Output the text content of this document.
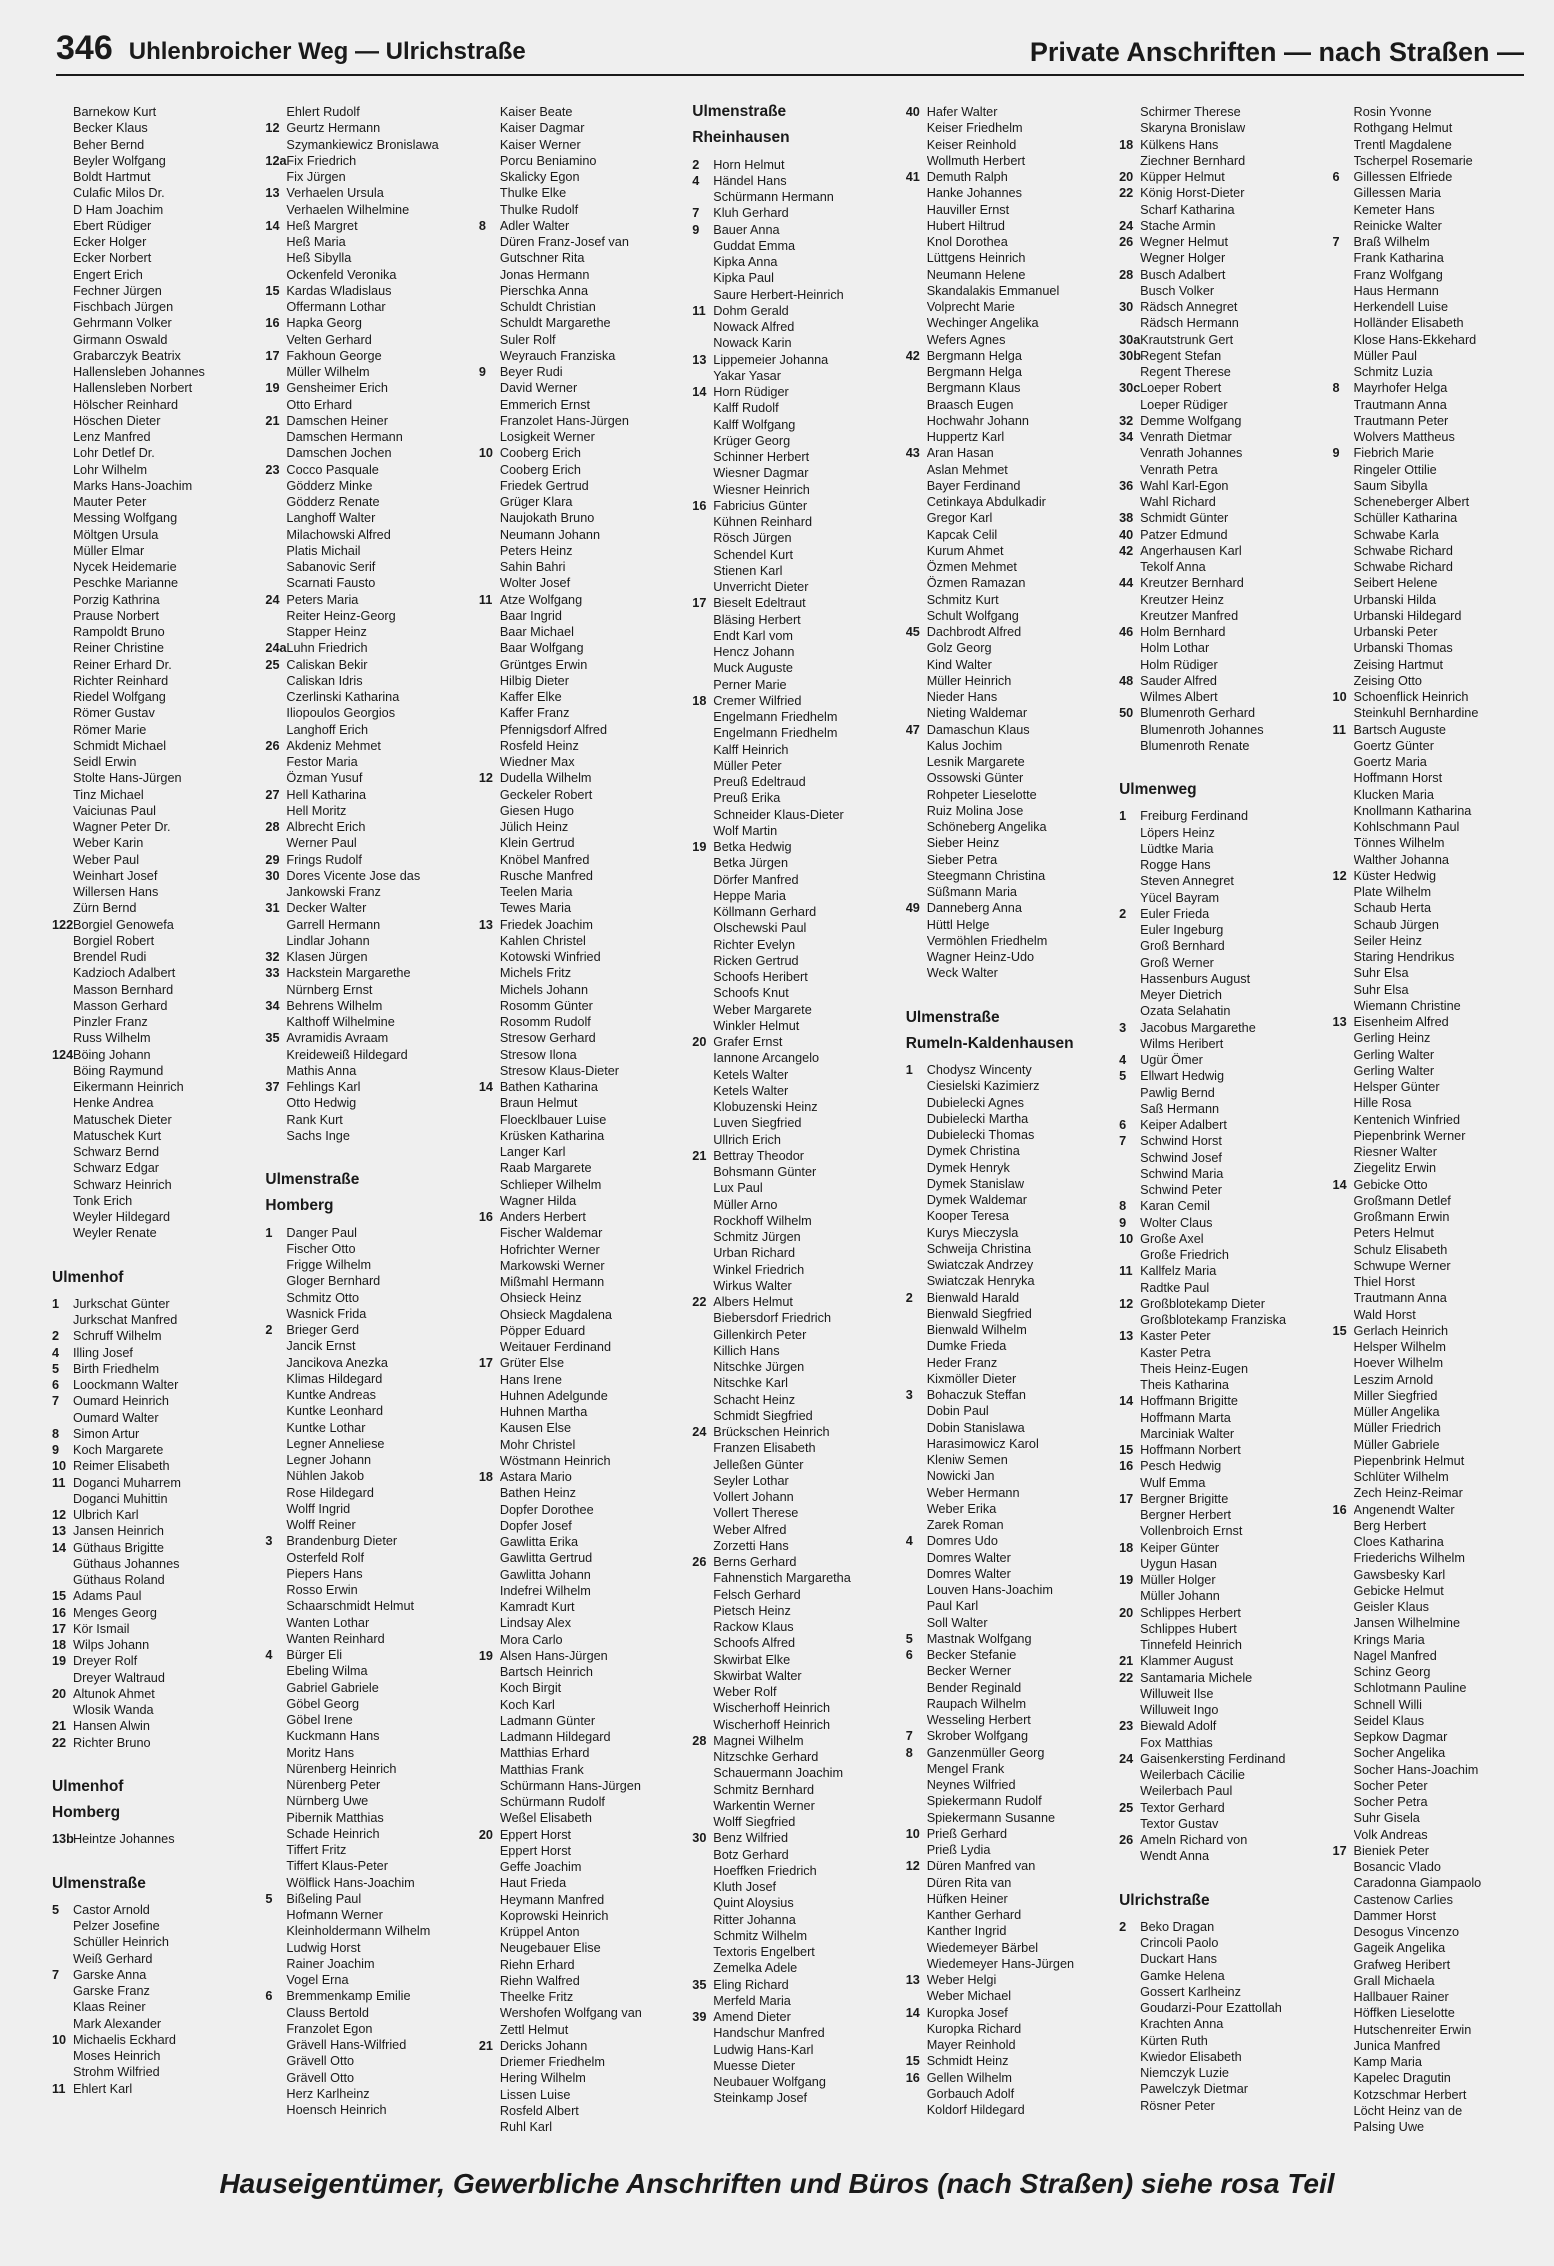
346 Uhlenbroicher Weg — Ulrichstraße	Private Anschriften — nach Straßen —
Barnekow Kurt
Becker Klaus
Beher Bernd
Beyler Wolfgang
Boldt Hartmut
Culafic Milos Dr.
D Ham Joachim
Ebert Rüdiger
Ecker Holger
Ecker Norbert
Engert Erich
Fechner Jürgen
Fischbach Jürgen
Gehrmann Volker
Girmann Oswald
Grabarczyk Beatrix
Hallensleben Johannes
Hallensleben Norbert
Hölscher Reinhard
Höschen Dieter
Lenz Manfred
Lohr Detlef Dr.
Lohr Wilhelm
Marks Hans-Joachim
Mauter Peter
Messing Wolfgang
Möltgen Ursula
Müller Elmar
Nycek Heidemarie
Peschke Marianne
Porzig Kathrina
Prause Norbert
Rampoldt Bruno
Reiner Christine
Reiner Erhard Dr.
Richter Reinhard
Riedel Wolfgang
Römer Gustav
Römer Marie
Schmidt Michael
Seidl Erwin
Stolte Hans-Jürgen
Tinz Michael
Vaiciunas Paul
Wagner Peter Dr.
Weber Karin
Weber Paul
Weinhart Josef
Willersen Hans
Zürn Bernd
122 Borgiel Genowefa
Borgiel Robert
Brendel Rudi
Kadzioch Adalbert
Masson Bernhard
Masson Gerhard
Pinzler Franz
Russ Wilhelm
124 Böing Johann
Böing Raymund
Eikermann Heinrich
Henke Andrea
Matuschek Dieter
Matuschek Kurt
Schwarz Bernd
Schwarz Edgar
Schwarz Heinrich
Tonk Erich
Weyler Hildegard
Weyler Renate
Ulmenhof
1	Jurkschat Günter
Jurkschat Manfred
2	Schruff Wilhelm
4	Illing Josef
5	Birth Friedhelm
6	Loockmann Walter
7	Oumard Heinrich
Oumard Walter
8	Simon Artur
9	Koch Margarete
10 Reimer Elisabeth
11 Doganci Muharrem
Doganci Muhittin
12 Ulbrich Karl
13 Jansen Heinrich
14 Güthaus Brigitte
Güthaus Johannes
Güthaus Roland
15 Adams Paul
16 Menges Georg
17 Kör Ismail
18 Wilps Johann
19 Dreyer Rolf
Dreyer Waltraud
20 Altunok Ahmet
Wlosik Wanda
21 Hansen Alwin
22 Richter Bruno
Ulmenhof
Homberg
13b Heintze Johannes
Ulmenstraße
5	Castor Arnold
Pelzer Josefine
Schüller Heinrich
Weiß Gerhard
7	Garske Anna
Garske Franz
Klaas Reiner
Mark Alexander
10 Michaelis Eckhard
Moses Heinrich
Strohm Wilfried
11 Ehlert Karl
Ehlert Rudolf
12 Geurtz Hermann
Szymankiewicz Bronislawa
12a Fix Friedrich
Fix Jürgen
13 Verhaelen Ursula
Verhaelen Wilhelmine
14 Heß Margret
Heß Maria
Heß Sibylla
Ockenfeld Veronika
15 Kardas Wladislaus
Offermann Lothar
16 Hapka Georg
Velten Gerhard
17 Fakhoun George
Müller Wilhelm
19 Gensheimer Erich
Otto Erhard
21 Damschen Heiner
Damschen Hermann
Damschen Jochen
23 Cocco Pasquale
Gödderz Minke
Gödderz Renate
Langhoff Walter
Milachowski Alfred
Platis Michail
Sabanovic Serif
Scarnati Fausto
24 Peters Maria
Reiter Heinz-Georg
Stapper Heinz
24a Luhn Friedrich
25 Caliskan Bekir
Caliskan Idris
Czerlinski Katharina
Iliopoulos Georgios
Langhoff Erich
26 Akdeniz Mehmet
Festor Maria
Özman Yusuf
27 Hell Katharina
Hell Moritz
28 Albrecht Erich
Werner Paul
29 Frings Rudolf
30 Dores Vicente Jose das
Jankowski Franz
31 Decker Walter
Garrell Hermann
Lindlar Johann
32 Klasen Jürgen
33 Hackstein Margarethe
Nürnberg Ernst
34 Behrens Wilhelm
Kalthoff Wilhelmine
35 Avramidis Avraam
Kreideweiß Hildegard
Mathis Anna
37 Fehlings Karl
Otto Hedwig
Rank Kurt
Sachs Inge
Ulmenstraße
Homberg
1	Danger Paul
Fischer Otto
Frigge Wilhelm
Gloger Bernhard
Schmitz Otto
Wasnick Frida
2	Brieger Gerd
Jancik Ernst
Jancikova Anezka
Klimas Hildegard
Kuntke Andreas
Kuntke Leonhard
Kuntke Lothar
Legner Anneliese
Legner Johann
Nühlen Jakob
Rose Hildegard
Wolff Ingrid
Wolff Reiner
3	Brandenburg Dieter
Osterfeld Rolf
Piepers Hans
Rosso Erwin
Schaarschmidt Helmut
Wanten Lothar
Wanten Reinhard
4	Bürger Eli
Ebeling Wilma
Gabriel Gabriele
Göbel Georg
Göbel Irene
Kuckmann Hans
Moritz Hans
Nürenberg Heinrich
Nürenberg Peter
Nürnberg Uwe
Pibernik Matthias
Schade Heinrich
Tiffert Fritz
Tiffert Klaus-Peter
Wölflick Hans-Joachim
5	Bißeling Paul
Hofmann Werner
Kleinholdermann Wilhelm
Ludwig Horst
Rainer Joachim
Vogel Erna
6	Bremmenkamp Emilie
Clauss Bertold
Franzolet Egon
Grävell Hans-Wilfried
Grävell Otto
Grävell Otto
Herz Karlheinz
Hoensch Heinrich
Kaiser Beate
Kaiser Dagmar
Kaiser Werner
Porcu Beniamino
Skalicky Egon
Thulke Elke
Thulke Rudolf
8	Adler Walter
Düren Franz-Josef van
Gutschner Rita
Jonas Hermann
Pierschka Anna
Schuldt Christian
Schuldt Margarethe
Suler Rolf
Weyrauch Franziska
9	Beyer Rudi
David Werner
Emmerich Ernst
Franzolet Hans-Jürgen
Losigkeit Werner
10 Cooberg Erich
Cooberg Erich
Friedek Gertrud
Grüger Klara
Naujokath Bruno
Neumann Johann
Peters Heinz
Sahin Bahri
Wolter Josef
11 Atze Wolfgang
Baar Ingrid
Baar Michael
Baar Wolfgang
Grüntges Erwin
Hilbig Dieter
Kaffer Elke
Kaffer Franz
Pfennigsdorf Alfred
Rosfeld Heinz
Wiedner Max
12 Dudella Wilhelm
Geckeler Robert
Giesen Hugo
Jülich Heinz
Klein Gertrud
Knöbel Manfred
Rusche Manfred
Teelen Maria
Tewes Maria
13 Friedek Joachim
Kahlen Christel
Kotowski Winfried
Michels Fritz
Michels Johann
Rosomm Günter
Rosomm Rudolf
Stresow Gerhard
Stresow Ilona
Stresow Klaus-Dieter
14 Bathen Katharina
Braun Helmut
Floecklbauer Luise
Krüsken Katharina
Langer Karl
Raab Margarete
Schlieper Wilhelm
Wagner Hilda
16 Anders Herbert
Fischer Waldemar
Hofrichter Werner
Markowski Werner
Mißmahl Hermann
Ohsieck Heinz
Ohsieck Magdalena
Pöpper Eduard
Weitauer Ferdinand
17 Grüter Else
Hans Irene
Huhnen Adelgunde
Huhnen Martha
Kausen Else
Mohr Christel
Wöstmann Heinrich
18 Astara Mario
Bathen Heinz
Dopfer Dorothee
Dopfer Josef
Gawlitta Erika
Gawlitta Gertrud
Gawlitta Johann
Indefrei Wilhelm
Kamradt Kurt
Lindsay Alex
Mora Carlo
19 Alsen Hans-Jürgen
Bartsch Heinrich
Koch Birgit
Koch Karl
Ladmann Günter
Ladmann Hildegard
Matthias Erhard
Matthias Frank
Schürmann Hans-Jürgen
Schürmann Rudolf
Weßel Elisabeth
20 Eppert Horst
Eppert Horst
Geffe Joachim
Haut Frieda
Heymann Manfred
Koprowski Heinrich
Krüppel Anton
Neugebauer Elise
Riehn Erhard
Riehn Walfred
Theelke Fritz
Wershofen Wolfgang van
Zettl Helmut
21 Dericks Johann
Driemer Friedhelm
Hering Wilhelm
Lissen Luise
Rosfeld Albert
Ruhl Karl
Ulmenstraße
Rheinhausen
2	Horn Helmut
4	Händel Hans
Schürmann Hermann
7	Kluh Gerhard
9	Bauer Anna
Guddat Emma
Kipka Anna
Kipka Paul
Saure Herbert-Heinrich
11 Dohm Gerald
Nowack Alfred
Nowack Karin
13 Lippemeier Johanna
Yakar Yasar
14 Horn Rüdiger
Kalff Rudolf
Kalff Wolfgang
Krüger Georg
Schinner Herbert
Wiesner Dagmar
Wiesner Heinrich
16 Fabricius Günter
Kühnen Reinhard
Rösch Jürgen
Schendel Kurt
Stienen Karl
Unverricht Dieter
17 Bieselt Edeltraut
Bläsing Herbert
Endt Karl vom
Hencz Johann
Muck Auguste
Perner Marie
18 Cremer Wilfried
Engelmann Friedhelm
Engelmann Friedhelm
Kalff Heinrich
Müller Peter
Preuß Edeltraud
Preuß Erika
Schneider Klaus-Dieter
Wolf Martin
19 Betka Hedwig
Betka Jürgen
Dörfer Manfred
Heppe Maria
Köllmann Gerhard
Olschewski Paul
Richter Evelyn
Ricken Gertrud
Schoofs Heribert
Schoofs Knut
Weber Margarete
Winkler Helmut
20 Grafer Ernst
Iannone Arcangelo
Ketels Walter
Ketels Walter
Klobuzenski Heinz
Luven Siegfried
Ullrich Erich
21 Bettray Theodor
Bohsmann Günter
Lux Paul
Müller Arno
Rockhoff Wilhelm
Schmitz Jürgen
Urban Richard
Winkel Friedrich
Wirkus Walter
22 Albers Helmut
Biebersdorf Friedrich
Gillenkirch Peter
Killich Hans
Nitschke Jürgen
Nitschke Karl
Schacht Heinz
Schmidt Siegfried
24 Brückschen Heinrich
Franzen Elisabeth
Jelleßen Günter
Seyler Lothar
Vollert Johann
Vollert Therese
Weber Alfred
Zorzetti Hans
26 Berns Gerhard
Fahnenstich Margaretha
Felsch Gerhard
Pietsch Heinz
Rackow Klaus
Schoofs Alfred
Skwirbat Elke
Skwirbat Walter
Weber Rolf
Wischerhoff Heinrich
Wischerhoff Heinrich
28 Magnei Wilhelm
Nitzschke Gerhard
Schauermann Joachim
Schmitz Bernhard
Warkentin Werner
Wolff Siegfried
30 Benz Wilfried
Botz Gerhard
Hoeffken Friedrich
Kluth Josef
Quint Aloysius
Ritter Johanna
Schmitz Wilhelm
Textoris Engelbert
Zemelka Adele
35 Eling Richard
Merfeld Maria
39 Amend Dieter
Handschur Manfred
Ludwig Hans-Karl
Muesse Dieter
Neubauer Wolfgang
Steinkamp Josef
40 Hafer Walter
Keiser Friedhelm
Keiser Reinhold
Wollmuth Herbert
41 Demuth Ralph
Hanke Johannes
Hauviller Ernst
Hubert Hiltrud
Knol Dorothea
Lüttgens Heinrich
Neumann Helene
Skandalakis Emmanuel
Volprecht Marie
Wechinger Angelika
Wefers Agnes
42 Bergmann Helga
Bergmann Helga
Bergmann Klaus
Braasch Eugen
Hochwahr Johann
Huppertz Karl
43 Aran Hasan
Aslan Mehmet
Bayer Ferdinand
Cetinkaya Abdulkadir
Gregor Karl
Kapcak Celil
Kurum Ahmet
Özmen Mehmet
Özmen Ramazan
Schmitz Kurt
Schult Wolfgang
45 Dachbrodt Alfred
Golz Georg
Kind Walter
Müller Heinrich
Nieder Hans
Nieting Waldemar
47 Damaschun Klaus
Kalus Jochim
Lesnik Margarete
Ossowski Günter
Rohpeter Lieselotte
Ruiz Molina Jose
Schöneberg Angelika
Sieber Heinz
Sieber Petra
Steegmann Christina
Süßmann Maria
49 Danneberg Anna
Hüttl Helge
Vermöhlen Friedhelm
Wagner Heinz-Udo
Weck Walter
Ulmenstraße
Rumeln-Kaldenhausen
1	Chodysz Wincenty
Ciesielski Kazimierz
Dubielecki Agnes
Dubielecki Martha
Dubielecki Thomas
Dymek Christina
Dymek Henryk
Dymek Stanislaw
Dymek Waldemar
Kooper Teresa
Kurys Mieczysla
Schweija Christina
Swiatczak Andrzey
Swiatczak Henryka
2	Bienwald Harald
Bienwald Siegfried
Bienwald Wilhelm
Dumke Frieda
Heder Franz
Kixmöller Dieter
3	Bohaczuk Steffan
Dobin Paul
Dobin Stanislawa
Harasimowicz Karol
Kleniw Semen
Nowicki Jan
Weber Hermann
Weber Erika
Zarek Roman
4	Domres Udo
Domres Walter
Domres Walter
Louven Hans-Joachim
Paul Karl
Soll Walter
5	Mastnak Wolfgang
6	Becker Stefanie
Becker Werner
Bender Reginald
Raupach Wilhelm
Wesseling Herbert
7	Skrober Wolfgang
8	Ganzenmüller Georg
Mengel Frank
Neynes Wilfried
Spiekermann Rudolf
Spiekermann Susanne
10 Prieß Gerhard
Prieß Lydia
12 Düren Manfred van
Düren Rita van
Hüfken Heiner
Kanther Gerhard
Kanther Ingrid
Wiedemeyer Bärbel
Wiedemeyer Hans-Jürgen
13 Weber Helgi
Weber Michael
14 Kuropka Josef
Kuropka Richard
Mayer Reinhold
15 Schmidt Heinz
16 Gellen Wilhelm
Gorbauch Adolf
Koldorf Hildegard
Schirmer Therese
Skaryna Bronislaw
18 Külkens Hans
Ziechner Bernhard
20 Küpper Helmut
22 König Horst-Dieter
Scharf Katharina
24 Stache Armin
26 Wegner Helmut
Wegner Holger
28 Busch Adalbert
Busch Volker
30 Rädsch Annegret
Rädsch Hermann
30a Krautstrunk Gert
30b Regent Stefan
Regent Therese
30c Loeper Robert
Loeper Rüdiger
32 Demme Wolfgang
34 Venrath Dietmar
Venrath Johannes
Venrath Petra
36 Wahl Karl-Egon
Wahl Richard
38 Schmidt Günter
40 Patzer Edmund
42 Angerhausen Karl
Tekolf Anna
44 Kreutzer Bernhard
Kreutzer Heinz
Kreutzer Manfred
46 Holm Bernhard
Holm Lothar
Holm Rüdiger
48 Sauder Alfred
Wilmes Albert
50 Blumenroth Gerhard
Blumenroth Johannes
Blumenroth Renate
Ulmenweg
1	Freiburg Ferdinand
Löpers Heinz
Lüdtke Maria
Rogge Hans
Steven Annegret
Yücel Bayram
2	Euler Frieda
Euler Ingeburg
Groß Bernhard
Groß Werner
Hassenburs August
Meyer Dietrich
Ozata Selahatin
3	Jacobus Margarethe
Wilms Heribert
4	Ugür Ömer
5	Ellwart Hedwig
Pawlig Bernd
Saß Hermann
6	Keiper Adalbert
7	Schwind Horst
Schwind Josef
Schwind Maria
Schwind Peter
8	Karan Cemil
9	Wolter Claus
10 Große Axel
Große Friedrich
11 Kallfelz Maria
Radtke Paul
12 Großblotekamp Dieter
Großblotekamp Franziska
13 Kaster Peter
Kaster Petra
Theis Heinz-Eugen
Theis Katharina
14 Hoffmann Brigitte
Hoffmann Marta
Marciniak Walter
15 Hoffmann Norbert
16 Pesch Hedwig
Wulf Emma
17 Bergner Brigitte
Bergner Herbert
Vollenbroich Ernst
18 Keiper Günter
Uygun Hasan
19 Müller Holger
Müller Johann
20 Schlippes Herbert
Schlippes Hubert
Tinnefeld Heinrich
21 Klammer August
22 Santamaria Michele
Willuweit Ilse
Willuweit Ingo
23 Biewald Adolf
Fox Matthias
24 Gaisenkersting Ferdinand
Weilerbach Cäcilie
Weilerbach Paul
25 Textor Gerhard
Textor Gustav
26 Ameln Richard von
Wendt Anna
Ulrichstraße
2	Beko Dragan
Crincoli Paolo
Duckart Hans
Gamke Helena
Gossert Karlheinz
Goudarzi-Pour Ezattollah
Krachten Anna
Kürten Ruth
Kwiedor Elisabeth
Niemczyk Luzie
Pawelczyk Dietmar
Rösner Peter
Rosin Yvonne
Rothgang Helmut
Trentl Magdalene
Tscherpel Rosemarie
6	Gillessen Elfriede
Gillessen Maria
Kemeter Hans
Reinicke Walter
7	Braß Wilhelm
Frank Katharina
Franz Wolfgang
Haus Hermann
Herkendell Luise
Holländer Elisabeth
Klose Hans-Ekkehard
Müller Paul
Schmitz Luzia
8	Mayrhofer Helga
Trautmann Anna
Trautmann Peter
Wolvers Mattheus
9	Fiebrich Marie
Ringeler Ottilie
Saum Sibylla
Scheneberger Albert
Schüller Katharina
Schwabe Karla
Schwabe Richard
Schwabe Richard
Seibert Helene
Urbanski Hilda
Urbanski Hildegard
Urbanski Peter
Urbanski Thomas
Zeising Hartmut
Zeising Otto
10 Schoenflick Heinrich
Steinkuhl Bernhardine
11 Bartsch Auguste
Goertz Günter
Goertz Maria
Hoffmann Horst
Klucken Maria
Knollmann Katharina
Kohlschmann Paul
Tönnes Wilhelm
Walther Johanna
12 Küster Hedwig
Plate Wilhelm
Schaub Herta
Schaub Jürgen
Seiler Heinz
Staring Hendrikus
Suhr Elsa
Suhr Elsa
Wiemann Christine
13 Eisenheim Alfred
Gerling Heinz
Gerling Walter
Gerling Walter
Helsper Günter
Hille Rosa
Kentenich Winfried
Piepenbrink Werner
Riesner Walter
Ziegelitz Erwin
14 Gebicke Otto
Großmann Detlef
Großmann Erwin
Peters Helmut
Schulz Elisabeth
Schwupe Werner
Thiel Horst
Trautmann Anna
Wald Horst
15 Gerlach Heinrich
Helsper Wilhelm
Hoever Wilhelm
Leszim Arnold
Miller Siegfried
Müller Angelika
Müller Friedrich
Müller Gabriele
Piepenbrink Helmut
Schlüter Wilhelm
Zech Heinz-Reimar
16 Angenendt Walter
Berg Herbert
Cloes Katharina
Friederichs Wilhelm
Gawsbesky Karl
Gebicke Helmut
Geisler Klaus
Jansen Wilhelmine
Krings Maria
Nagel Manfred
Schinz Georg
Schlotmann Pauline
Schnell Willi
Seidel Klaus
Sepkow Dagmar
Socher Angelika
Socher Hans-Joachim
Socher Peter
Socher Petra
Suhr Gisela
Volk Andreas
17 Bieniek Peter
Bosancic Vlado
Caradonna Giampaolo
Castenow Carlies
Dammer Horst
Desogus Vincenzo
Gageik Angelika
Grafweg Heribert
Grall Michaela
Hallbauer Rainer
Höffken Lieselotte
Hutschenreiter Erwin
Junica Manfred
Kamp Maria
Kapelec Dragutin
Kotzschmar Herbert
Löcht Heinz van de
Palsing Uwe
Hauseigentümer, Gewerbliche Anschriften und Büros (nach Straßen) siehe rosa Teil
